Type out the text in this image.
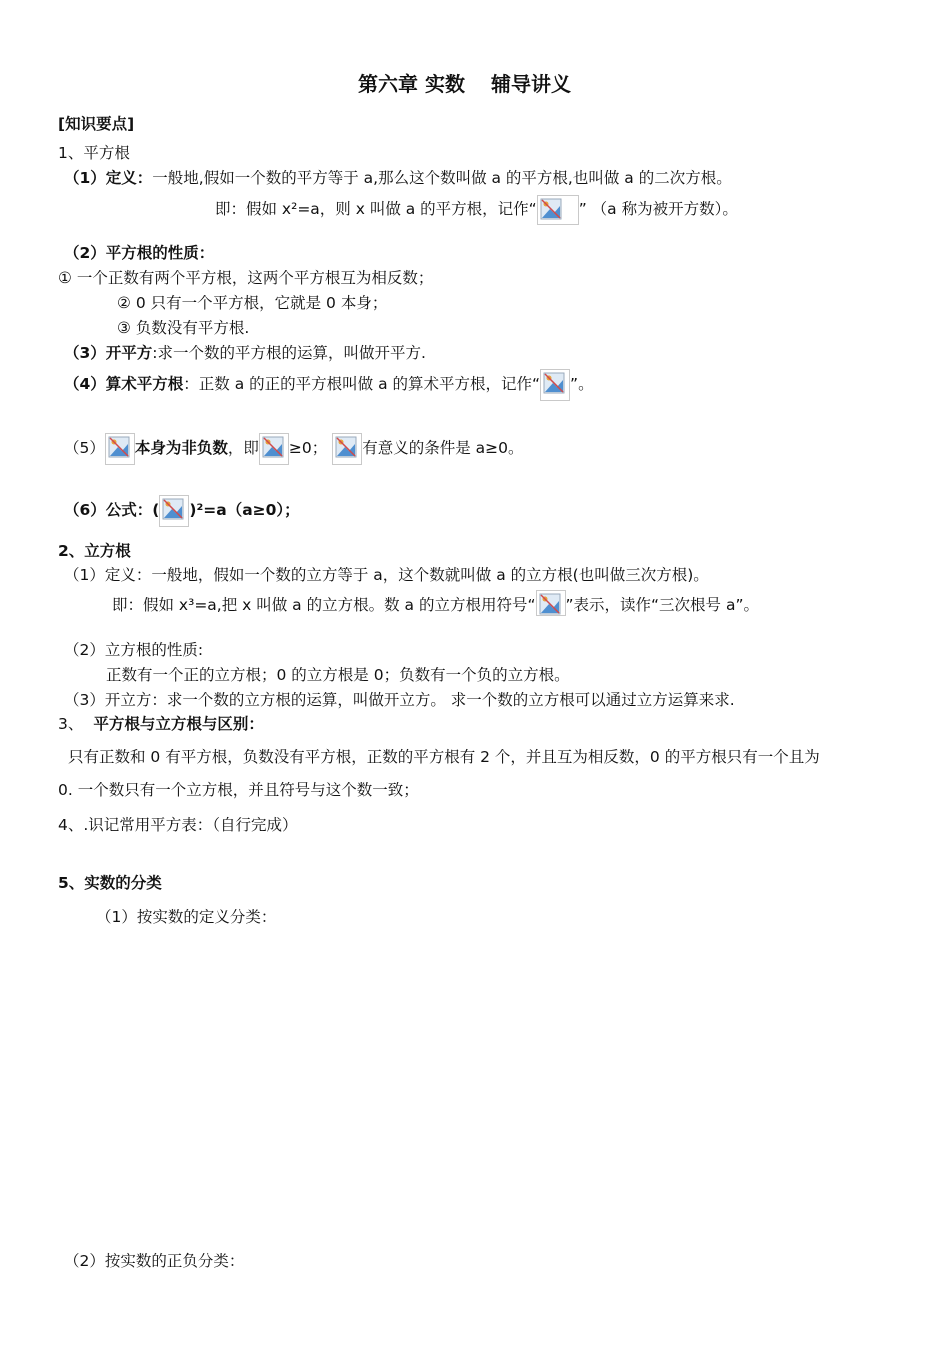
第六章 实数 辅导讲义
[知识要点]
1、平方根
（1）定义：一般地,假如一个数的平方等于 a,那么这个数叫做 a 的平方根,也叫做 a 的二次方根。
即：假如 x²=a，则 x 叫做 a 的平方根，记作“	” （a 称为被开方数）。
（2）平方根的性质：
① 一个正数有两个平方根，这两个平方根互为相反数；
② 0 只有一个平方根，它就是 0 本身；
③ 负数没有平方根.
（3）开平方:求一个数的平方根的运算，叫做开平方.
（4）算术平方根：正数 a 的正的平方根叫做 a 的算术平方根，记作“ ”。
（5） 本身为非负数，即 ≥0； 有意义的条件是 a≥0。
（6）公式：( )²=a（a≥0）；
2、立方根
（1）定义：一般地，假如一个数的立方等于 a，这个数就叫做 a 的立方根(也叫做三次方根)。
即：假如 x³=a,把 x 叫做 a 的立方根。数 a 的立方根用符号“ ”表示，读作“三次根号 a”。
（2）立方根的性质:
正数有一个正的立方根；0 的立方根是 0；负数有一个负的立方根。
（3）开立方：求一个数的立方根的运算，叫做开立方。 求一个数的立方根可以通过立方运算来求.
3、 平方根与立方根与区别：
只有正数和 0 有平方根，负数没有平方根，正数的平方根有 2 个，并且互为相反数，0 的平方根只有一个且为
0. 一个数只有一个立方根，并且符号与这个数一致；
4、.识记常用平方表：（自行完成）
5、实数的分类
（1）按实数的定义分类：
（2）按实数的正负分类：
